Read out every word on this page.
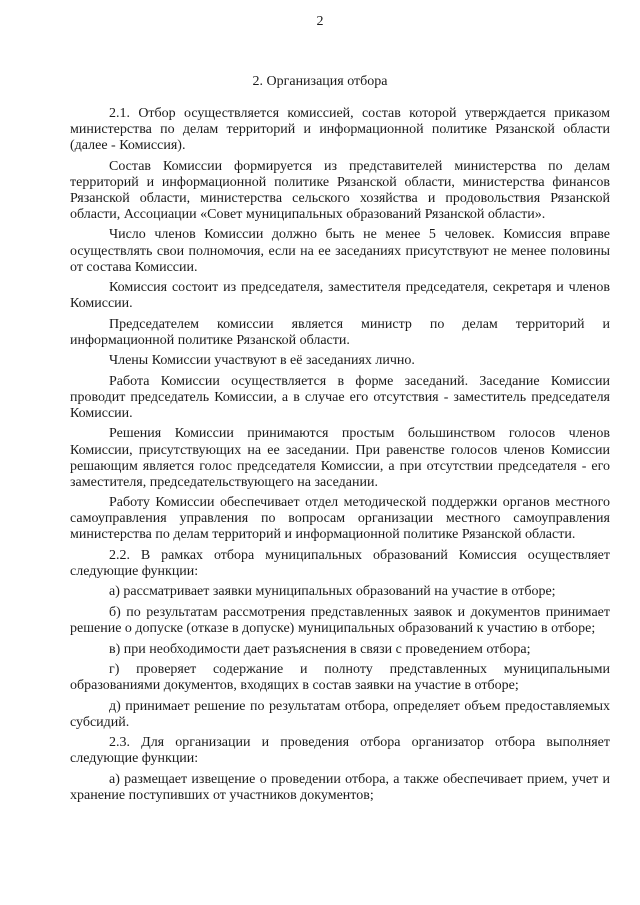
2
2. Организация отбора

2.1. Отбор осуществляется комиссией, состав которой утверждается приказом министерства по делам территорий и информационной политике Рязанской области (далее - Комиссия).

Состав Комиссии формируется из представителей министерства по делам территорий и информационной политике Рязанской области, министерства финансов Рязанской области, министерства сельского хозяйства и продовольствия Рязанской области, Ассоциации «Совет муниципальных образований Рязанской области».

Число членов Комиссии должно быть не менее 5 человек. Комиссия вправе осуществлять свои полномочия, если на ее заседаниях присутствуют не менее половины от состава Комиссии.

Комиссия состоит из председателя, заместителя председателя, секретаря и членов Комиссии.

Председателем комиссии является министр по делам территорий и информационной политике Рязанской области.

Члены Комиссии участвуют в её заседаниях лично.

Работа Комиссии осуществляется в форме заседаний. Заседание Комиссии проводит председатель Комиссии, а в случае его отсутствия - заместитель председателя Комиссии.

Решения Комиссии принимаются простым большинством голосов членов Комиссии, присутствующих на ее заседании. При равенстве голосов членов Комиссии решающим является голос председателя Комиссии, а при отсутствии председателя - его заместителя, председательствующего на заседании.

Работу Комиссии обеспечивает отдел методической поддержки органов местного самоуправления управления по вопросам организации местного самоуправления министерства по делам территорий и информационной политике Рязанской области.

2.2. В рамках отбора муниципальных образований Комиссия осуществляет следующие функции:

а) рассматривает заявки муниципальных образований на участие в отборе;

б) по результатам рассмотрения представленных заявок и документов принимает решение о допуске (отказе в допуске) муниципальных образований к участию в отборе;

в) при необходимости дает разъяснения в связи с проведением отбора;

г) проверяет содержание и полноту представленных муниципальными образованиями документов, входящих в состав заявки на участие в отборе;

д) принимает решение по результатам отбора, определяет объем предоставляемых субсидий.

2.3. Для организации и проведения отбора организатор отбора выполняет следующие функции:

а) размещает извещение о проведении отбора, а также обеспечивает прием, учет и хранение поступивших от участников документов;
